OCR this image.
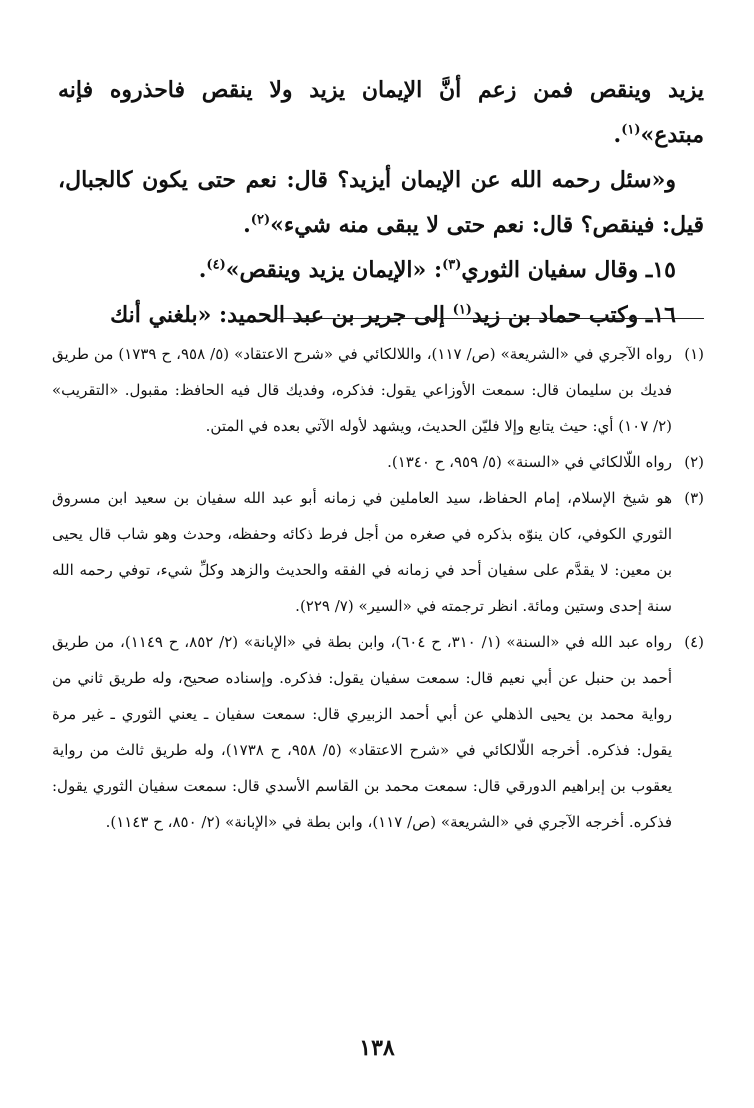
يزيد وينقص فمن زعم أنَّ الإيمان يزيد ولا ينقص فاحذروه فإنه مبتدع»$^{(١)}$.

و«سئل رحمه الله عن الإيمان أيزيد؟ قال: نعم حتى يكون كالجبال، قيل: فينقص؟ قال: نعم حتى لا يبقى منه شيء»$^{(٢)}$.

١٥ـ وقال سفيان الثوري$^{(٣)}$: «الإيمان يزيد وينقص»$^{(٤)}$.

١٦ـ وكتب حماد بن زيد$^{(١)}$ إلى جرير بن عبد الحميد: «بلغني أنك

(١)رواه الآجري في «الشريعة» (ص/ ١١٧)، واللالكائي في «شرح الاعتقاد» (٥/ ٩٥٨، ح ١٧٣٩) من طريق فديك بن سليمان قال: سمعت الأوزاعي يقول: فذكره، وفديك قال فيه الحافظ: مقبول. «التقريب» (٢/ ١٠٧) أي: حيث يتابع وإلا فليّن الحديث، ويشهد لأوله الآتي بعده في المتن.

(٢)رواه اللّالكائي في «السنة» (٥/ ٩٥٩، ح ١٣٤٠).

(٣)هو شيخ الإسلام، إمام الحفاظ، سيد العاملين في زمانه أبو عبد الله سفيان بن سعيد ابن مسروق الثوري الكوفي، كان ينوّه بذكره في صغره من أجل فرط ذكائه وحفظه، وحدث وهو شاب قال يحيى بن معين: لا يقدَّم على سفيان أحد في زمانه في الفقه والحديث والزهد وكلِّ شيء، توفي رحمه الله سنة إحدى وستين ومائة. انظر ترجمته في «السير» (٧/ ٢٢٩).

(٤)رواه عبد الله في «السنة» (١/ ٣١٠، ح ٦٠٤)، وابن بطة في «الإبانة» (٢/ ٨٥٢، ح ١١٤٩)، من طريق أحمد بن حنبل عن أبي نعيم قال: سمعت سفيان يقول: فذكره. وإسناده صحيح، وله طريق ثاني من رواية محمد بن يحيى الذهلي عن أبي أحمد الزبيري قال: سمعت سفيان ـ يعني الثوري ـ غير مرة يقول: فذكره. أخرجه اللّالكائي في «شرح الاعتقاد» (٥/ ٩٥٨، ح ١٧٣٨)، وله طريق ثالث من رواية يعقوب بن إبراهيم الدورقي قال: سمعت محمد بن القاسم الأسدي قال: سمعت سفيان الثوري يقول: فذكره. أخرجه الآجري في «الشريعة» (ص/ ١١٧)، وابن بطة في «الإبانة» (٢/ ٨٥٠، ح ١١٤٣).

١٣٨
